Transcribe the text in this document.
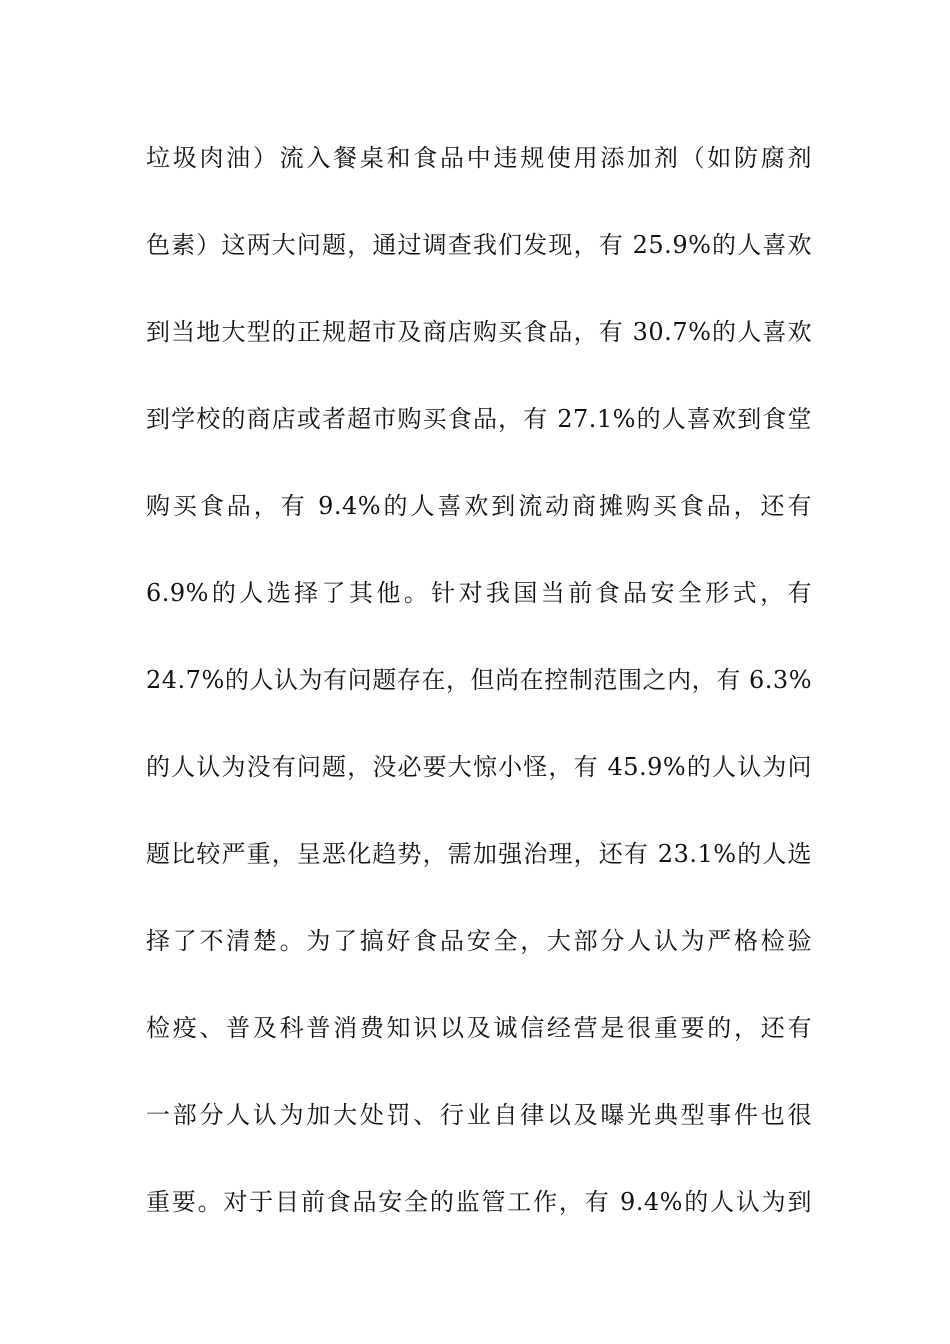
垃圾肉油）流入餐桌和食品中违规使用添加剂（如防腐剂
色素）这两大问题，通过调查我们发现，有 25.9%的人喜欢
到当地大型的正规超市及商店购买食品，有 30.7%的人喜欢
到学校的商店或者超市购买食品，有 27.1%的人喜欢到食堂
购买食品，有 9.4%的人喜欢到流动商摊购买食品，还有
6.9%的人选择了其他。针对我国当前食品安全形式，有
24.7%的人认为有问题存在，但尚在控制范围之内，有 6.3%
的人认为没有问题，没必要大惊小怪，有 45.9%的人认为问
题比较严重，呈恶化趋势，需加强治理，还有 23.1%的人选
择了不清楚。为了搞好食品安全，大部分人认为严格检验
检疫、普及科普消费知识以及诚信经营是很重要的，还有
一部分人认为加大处罚、行业自律以及曝光典型事件也很
重要。对于目前食品安全的监管工作，有 9.4%的人认为到
